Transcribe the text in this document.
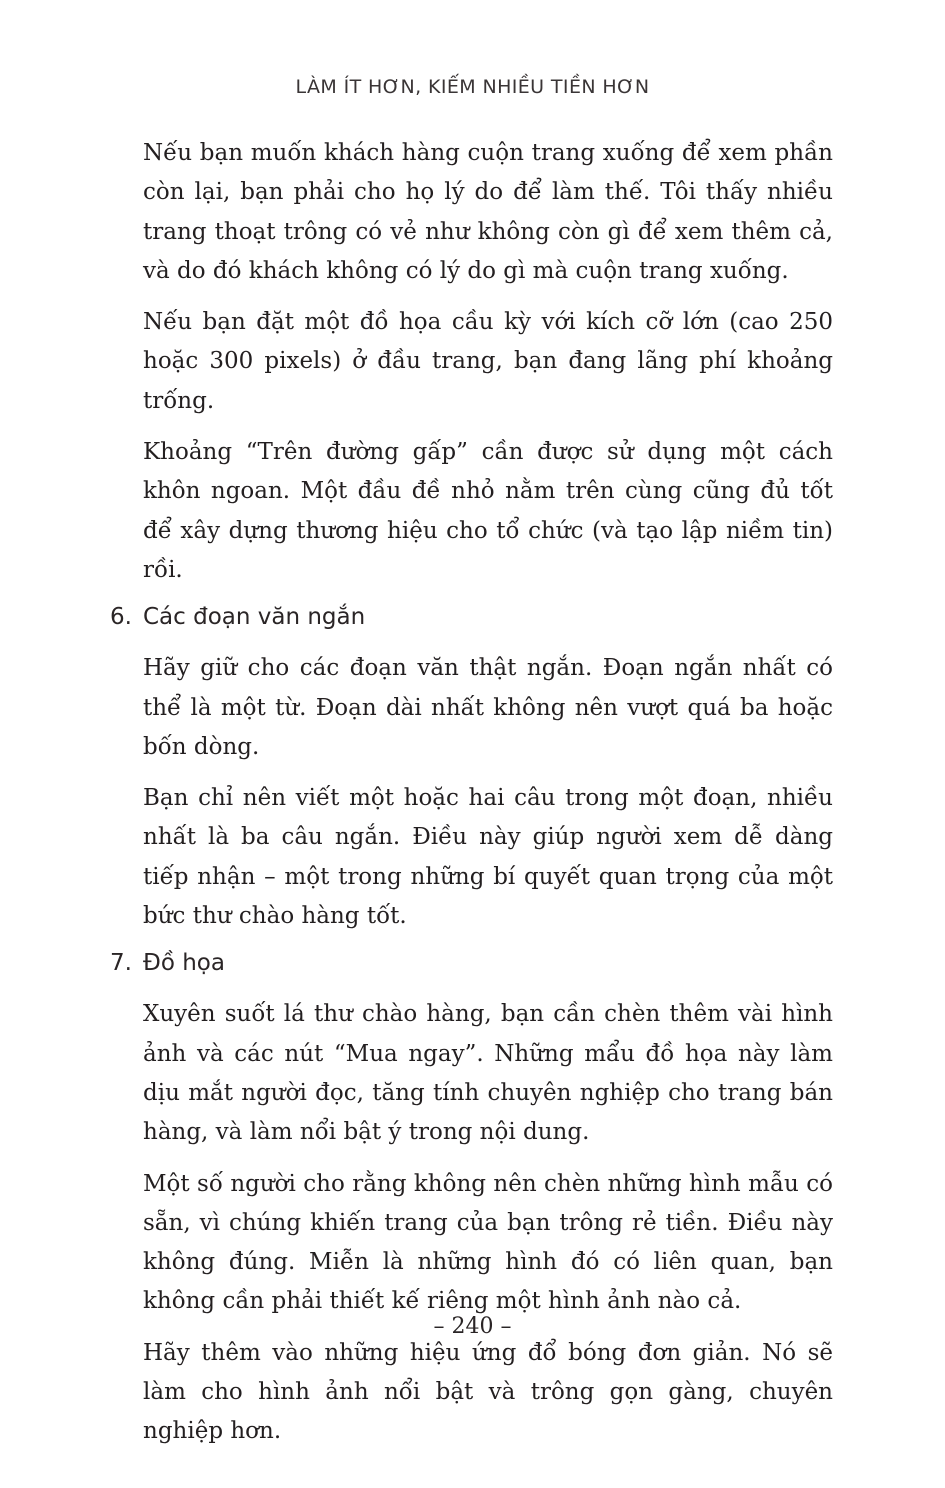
LÀM ÍT HƠN, KIẾM NHIỀU TIỀN HƠN

Nếu bạn muốn khách hàng cuộn trang xuống để xem phần còn lại, bạn phải cho họ lý do để làm thế. Tôi thấy nhiều trang thoạt trông có vẻ như không còn gì để xem thêm cả, và do đó khách không có lý do gì mà cuộn trang xuống.

Nếu bạn đặt một đồ họa cầu kỳ với kích cỡ lớn (cao 250 hoặc 300 pixels) ở đầu trang, bạn đang lãng phí khoảng trống.

Khoảng “Trên đường gấp” cần được sử dụng một cách khôn ngoan. Một đầu đề nhỏ nằm trên cùng cũng đủ tốt để xây dựng thương hiệu cho tổ chức (và tạo lập niềm tin) rồi.

6. Các đoạn văn ngắn

Hãy giữ cho các đoạn văn thật ngắn. Đoạn ngắn nhất có thể là một từ. Đoạn dài nhất không nên vượt quá ba hoặc bốn dòng.

Bạn chỉ nên viết một hoặc hai câu trong một đoạn, nhiều nhất là ba câu ngắn. Điều này giúp người xem dễ dàng tiếp nhận – một trong những bí quyết quan trọng của một bức thư chào hàng tốt.

7. Đồ họa

Xuyên suốt lá thư chào hàng, bạn cần chèn thêm vài hình ảnh và các nút “Mua ngay”. Những mẩu đồ họa này làm dịu mắt người đọc, tăng tính chuyên nghiệp cho trang bán hàng, và làm nổi bật ý trong nội dung.

Một số người cho rằng không nên chèn những hình mẫu có sẵn, vì chúng khiến trang của bạn trông rẻ tiền. Điều này không đúng. Miễn là những hình đó có liên quan, bạn không cần phải thiết kế riêng một hình ảnh nào cả.

Hãy thêm vào những hiệu ứng đổ bóng đơn giản. Nó sẽ làm cho hình ảnh nổi bật và trông gọn gàng, chuyên nghiệp hơn.

– 240 –
